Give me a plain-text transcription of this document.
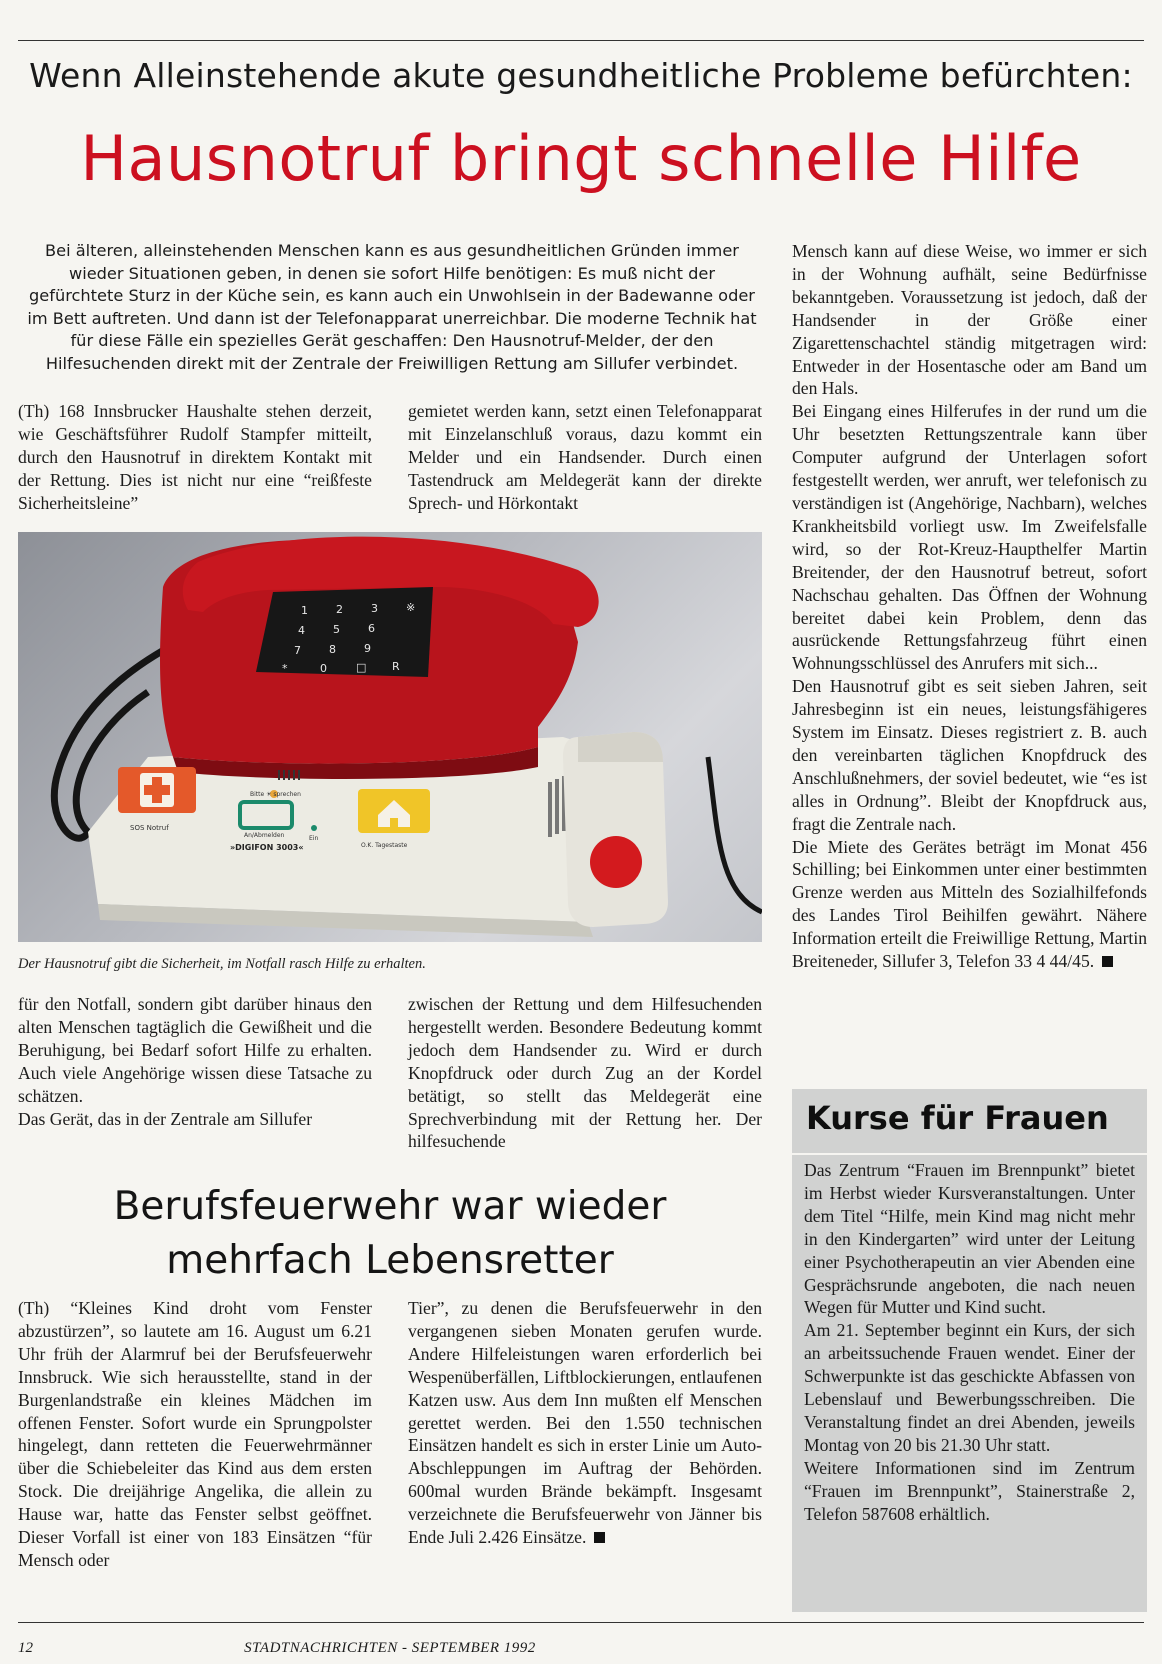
Wenn Alleinstehende akute gesundheitliche Probleme befürchten:
Hausnotruf bringt schnelle Hilfe
Bei älteren, alleinstehenden Menschen kann es aus gesundheitlichen Gründen immer wieder Situationen geben, in denen sie sofort Hilfe benötigen: Es muß nicht der gefürchtete Sturz in der Küche sein, es kann auch ein Unwohlsein in der Badewanne oder im Bett auftreten. Und dann ist der Telefonapparat unerreichbar. Die moderne Technik hat für diese Fälle ein spezielles Gerät geschaffen: Den Hausnotruf-Melder, der den Hilfesuchenden direkt mit der Zentrale der Freiwilligen Rettung am Sillufer verbindet.
(Th) 168 Innsbrucker Haushalte stehen derzeit, wie Geschäftsführer Rudolf Stampfer mitteilt, durch den Hausnotruf in direktem Kontakt mit der Rettung. Dies ist nicht nur eine “reißfeste Sicherheitsleine”
gemietet werden kann, setzt einen Telefonapparat mit Einzelanschluß voraus, dazu kommt ein Melder und ein Handsender. Durch einen Tastendruck am Meldegerät kann der direkte Sprech- und Hörkontakt

Mensch kann auf diese Weise, wo immer er sich in der Wohnung aufhält, seine Bedürfnisse bekanntgeben. Voraussetzung ist jedoch, daß der Handsender in der Größe einer Zigarettenschachtel ständig mitgetragen wird: Entweder in der Hosentasche oder am Band um den Hals.

Bei Eingang eines Hilferufes in der rund um die Uhr besetzten Rettungszentrale kann über Computer aufgrund der Unterlagen sofort festgestellt werden, wer anruft, wer telefonisch zu verständigen ist (Angehörige, Nachbarn), welches Krankheitsbild vorliegt usw. Im Zweifelsfalle wird, so der Rot-Kreuz-Haupthelfer Martin Breitender, der den Hausnotruf betreut, sofort Nachschau gehalten. Das Öffnen der Wohnung bereitet dabei kein Problem, denn das ausrückende Rettungsfahrzeug führt einen Wohnungsschlüssel des Anrufers mit sich...

Den Hausnotruf gibt es seit sieben Jahren, seit Jahresbeginn ist ein neues, leistungsfähigeres System im Einsatz. Dieses registriert z. B. auch den vereinbarten täglichen Knopfdruck des Anschlußnehmers, der soviel bedeutet, wie “es ist alles in Ordnung”. Bleibt der Knopfdruck aus, fragt die Zentrale nach.

Die Miete des Gerätes beträgt im Monat 456 Schilling; bei Einkommen unter einer bestimmten Grenze werden aus Mitteln des Sozialhilfefonds des Landes Tirol Beihilfen gewährt. Nähere Information erteilt die Freiwillige Rettung, Martin Breiteneder, Sillufer 3, Telefon 33 4 44/45.

1	2	3	※
4	5	6
7	8	9
*	0	□ R
SOS Notruf
Bitte ☀ sprechen
An/Abmelden
»DIGIFON 3003«
Ein
O.K. Tagestaste
Der Hausnotruf gibt die Sicherheit, im Notfall rasch Hilfe zu erhalten.

für den Notfall, sondern gibt darüber hinaus den alten Menschen tagtäglich die Gewißheit und die Beruhigung, bei Bedarf sofort Hilfe zu erhalten. Auch viele Angehörige wissen diese Tatsache zu schätzen.

Das Gerät, das in der Zentrale am Sillufer

zwischen der Rettung und dem Hilfesuchenden hergestellt werden. Besondere Bedeutung kommt jedoch dem Handsender zu. Wird er durch Knopfdruck oder durch Zug an der Kordel betätigt, so stellt das Meldegerät eine Sprechverbindung mit der Rettung her. Der hilfesuchende
Berufsfeuerwehr war wieder
mehrfach Lebensretter
(Th) “Kleines Kind droht vom Fenster abzustürzen”, so lautete am 16. August um 6.21 Uhr früh der Alarmruf bei der Berufsfeuerwehr Innsbruck. Wie sich herausstellte, stand in der Burgenlandstraße ein kleines Mädchen im offenen Fenster. Sofort wurde ein Sprungpolster hingelegt, dann retteten die Feuerwehrmänner über die Schiebeleiter das Kind aus dem ersten Stock. Die dreijährige Angelika, die allein zu Hause war, hatte das Fenster selbst geöffnet. Dieser Vorfall ist einer von 183 Einsätzen “für Mensch oder
Tier”, zu denen die Berufsfeuerwehr in den vergangenen sieben Monaten gerufen wurde. Andere Hilfeleistungen waren erforderlich bei Wespenüberfällen, Liftblockierungen, entlaufenen Katzen usw. Aus dem Inn mußten elf Menschen gerettet werden. Bei den 1.550 technischen Einsätzen handelt es sich in erster Linie um Auto-Abschleppungen im Auftrag der Behörden. 600mal wurden Brände bekämpft. Insgesamt verzeichnete die Berufsfeuerwehr von Jänner bis Ende Juli 2.426 Einsätze.
Kurse für Frauen

Das Zentrum “Frauen im Brennpunkt” bietet im Herbst wieder Kursveranstaltungen. Unter dem Titel “Hilfe, mein Kind mag nicht mehr in den Kindergarten” wird unter der Leitung einer Psychotherapeutin an vier Abenden eine Gesprächsrunde angeboten, die nach neuen Wegen für Mutter und Kind sucht.

Am 21. September beginnt ein Kurs, der sich an arbeitssuchende Frauen wendet. Einer der Schwerpunkte ist das geschickte Abfassen von Lebenslauf und Bewerbungsschreiben. Die Veranstaltung findet an drei Abenden, jeweils Montag von 20 bis 21.30 Uhr statt.

Weitere Informationen sind im Zentrum “Frauen im Brennpunkt”, Stainerstraße 2, Telefon 587608 erhältlich.

12	STADTNACHRICHTEN - SEPTEMBER 1992
